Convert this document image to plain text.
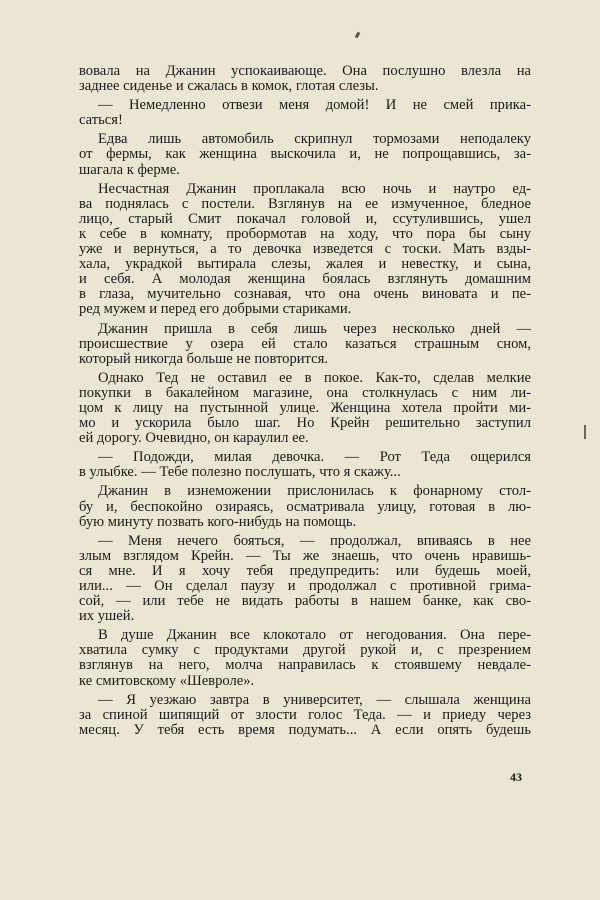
вовала на Джанин успокаивающе. Она послушно влезла на
заднее сиденье и сжалась в комок, глотая слезы.

— Немедленно отвези меня домой! И не смей прика-
саться!

Едва лишь автомобиль скрипнул тормозами неподалеку
от фермы, как женщина выскочила и, не попрощавшись, за-
шагала к ферме.

Несчастная Джанин проплакала всю ночь и наутро ед-
ва поднялась с постели. Взглянув на ее измученное, бледное
лицо, старый Смит покачал головой и, ссутулившись, ушел
к себе в комнату, пробормотав на ходу, что пора бы сыну
уже и вернуться, а то девочка изведется с тоски. Мать взды-
хала, украдкой вытирала слезы, жалея и невестку, и сына,
и себя. А молодая женщина боялась взглянуть домашним
в глаза, мучительно сознавая, что она очень виновата и пе-
ред мужем и перед его добрыми стариками.

Джанин пришла в себя лишь через несколько дней —
происшествие у озера ей стало казаться страшным сном,
который никогда больше не повторится.

Однако Тед не оставил ее в покое. Как-то, сделав мелкие
покупки в бакалейном магазине, она столкнулась с ним ли-
цом к лицу на пустынной улице. Женщина хотела пройти ми-
мо и ускорила было шаг. Но Крейн решительно заступил
ей дорогу. Очевидно, он караулил ее.

— Подожди, милая девочка. — Рот Теда ощерился
в улыбке. — Тебе полезно послушать, что я скажу...

Джанин в изнеможении прислонилась к фонарному стол-
бу и, беспокойно озираясь, осматривала улицу, готовая в лю-
бую минуту позвать кого-нибудь на помощь.

— Меня нечего бояться, — продолжал, впиваясь в нее
злым взглядом Крейн. — Ты же знаешь, что очень нравишь-
ся мне. И я хочу тебя предупредить: или будешь моей,
или... — Он сделал паузу и продолжал с противной грима-
сой, — или тебе не видать работы в нашем банке, как сво-
их ушей.

В душе Джанин все клокотало от негодования. Она пере-
хватила сумку с продуктами другой рукой и, с презрением
взглянув на него, молча направилась к стоявшему невдале-
ке смитовскому «Шевроле».

— Я уезжаю завтра в университет, — слышала женщина
за спиной шипящий от злости голос Теда. — и приеду через
месяц. У тебя есть время подумать... А если опять будешь

43
